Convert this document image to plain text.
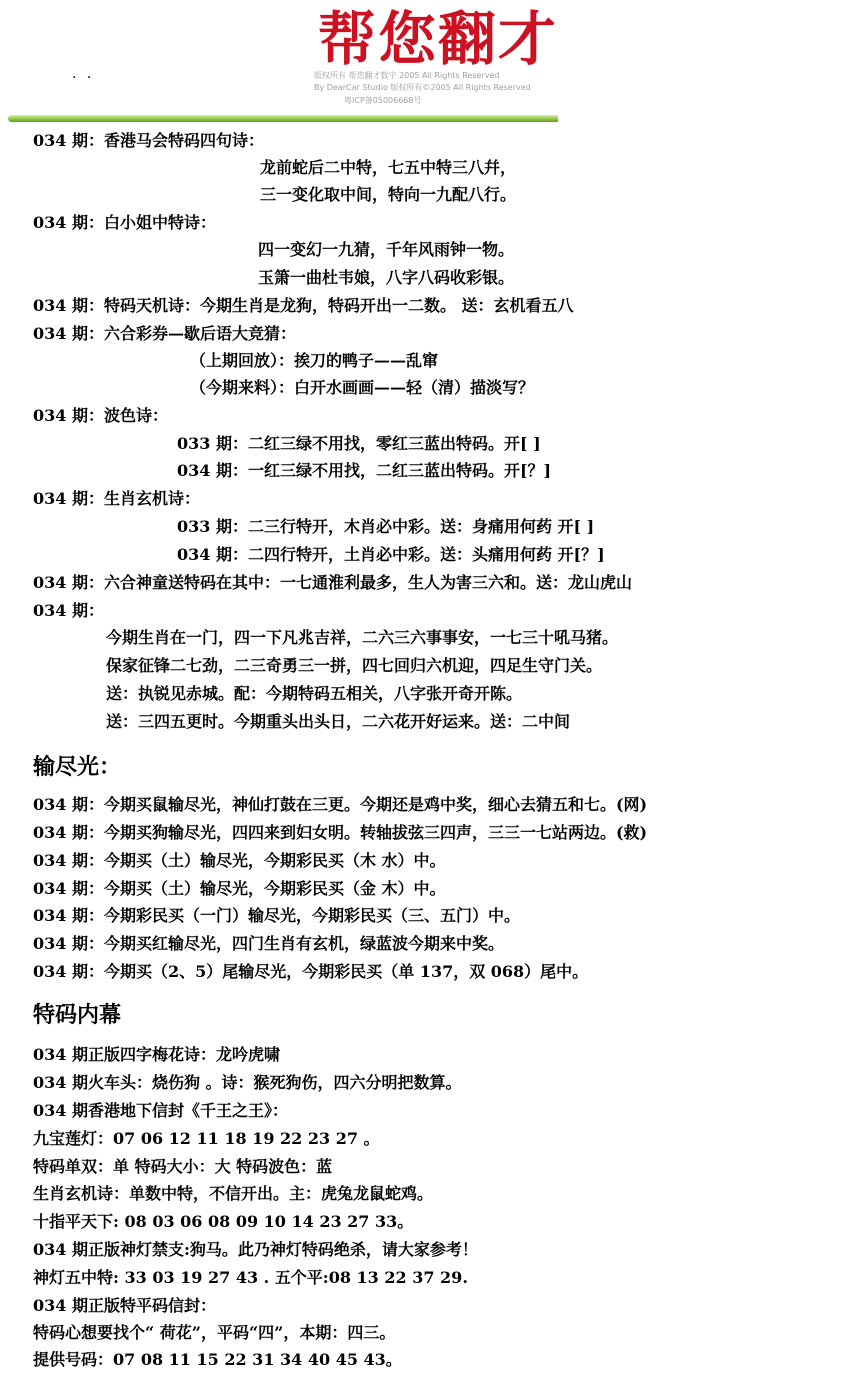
. .
帮您翻才
版权所有 帮您翻才数字 2005 All Rights Reserved
By DearCar Studio 版权所有©2005 All Rights Reserved
粤ICP备05006668号
034 期：香港马会特码四句诗：
龙前蛇后二中特，七五中特三八幷，
三一变化取中间，特向一九配八行。
034 期：白小姐中特诗：
四一变幻一九猜，千年风雨钟一物。
玉箫一曲杜韦娘，八字八码收彩银。
034 期：特码天机诗：今期生肖是龙狗，特码开出一二数。 送：玄机看五八
034 期：六合彩券—歇后语大竞猜：
（上期回放）：挨刀的鸭子——乱窜
（今期来料）：白开水画画——轻（清）描淡写？
034 期：波色诗：
033 期：二红三绿不用找，零红三蓝出特码。开[ ]
034 期：一红三绿不用找，二红三蓝出特码。开[？]
034 期：生肖玄机诗：
033 期：二三行特开，木肖必中彩。送：身痛用何药 开[ ]
034 期：二四行特开，土肖必中彩。送：头痛用何药 开[？]
034 期：六合神童送特码在其中：一七通淮利最多，生人为害三六和。送：龙山虎山
034 期：
今期生肖在一门，四一下凡兆吉祥，二六三六事事安，一七三十吼马猪。
保家征锋二七劲，二三奇勇三一拼，四七回归六机迎，四足生守门关。
送：执锐见赤城。配：今期特码五相关，八字张开奇开陈。
送：三四五更时。今期重头出头日，二六花开好运来。送：二中间
输尽光：
034 期：今期买鼠输尽光，神仙打鼓在三更。今期还是鸡中奖，细心去猜五和七。(网)
034 期：今期买狗输尽光，四四来到妇女明。转轴拔弦三四声，三三一七站两边。(救)
034 期：今期买（土）输尽光，今期彩民买（木 水）中。
034 期：今期买（土）输尽光，今期彩民买（金 木）中。
034 期：今期彩民买（一门）输尽光，今期彩民买（三、五门）中。
034 期：今期买红输尽光，四门生肖有玄机，绿蓝波今期来中奖。
034 期：今期买（2、5）尾输尽光，今期彩民买（单 137，双 068）尾中。
特码内幕
034 期正版四字梅花诗：龙吟虎啸
034 期火车头：烧伤狗 。诗：猴死狗伤，四六分明把数算。
034 期香港地下信封《千王之王》：
九宝莲灯：07 06 12 11 18 19 22 23 27 。
特码单双：单 特码大小：大 特码波色：蓝
生肖玄机诗：单数中特，不信开出。主：虎兔龙鼠蛇鸡。
十指平天下: 08 03 06 08 09 10 14 23 27 33。
034 期正版神灯禁支:狗马。此乃神灯特码绝杀，请大家参考！
神灯五中特: 33 03 19 27 43 . 五个平:08 13 22 37 29.
034 期正版特平码信封：
特码心想要找个“ 荷花”，平码“四”，本期：四三。
提供号码：07 08 11 15 22 31 34 40 45 43。
